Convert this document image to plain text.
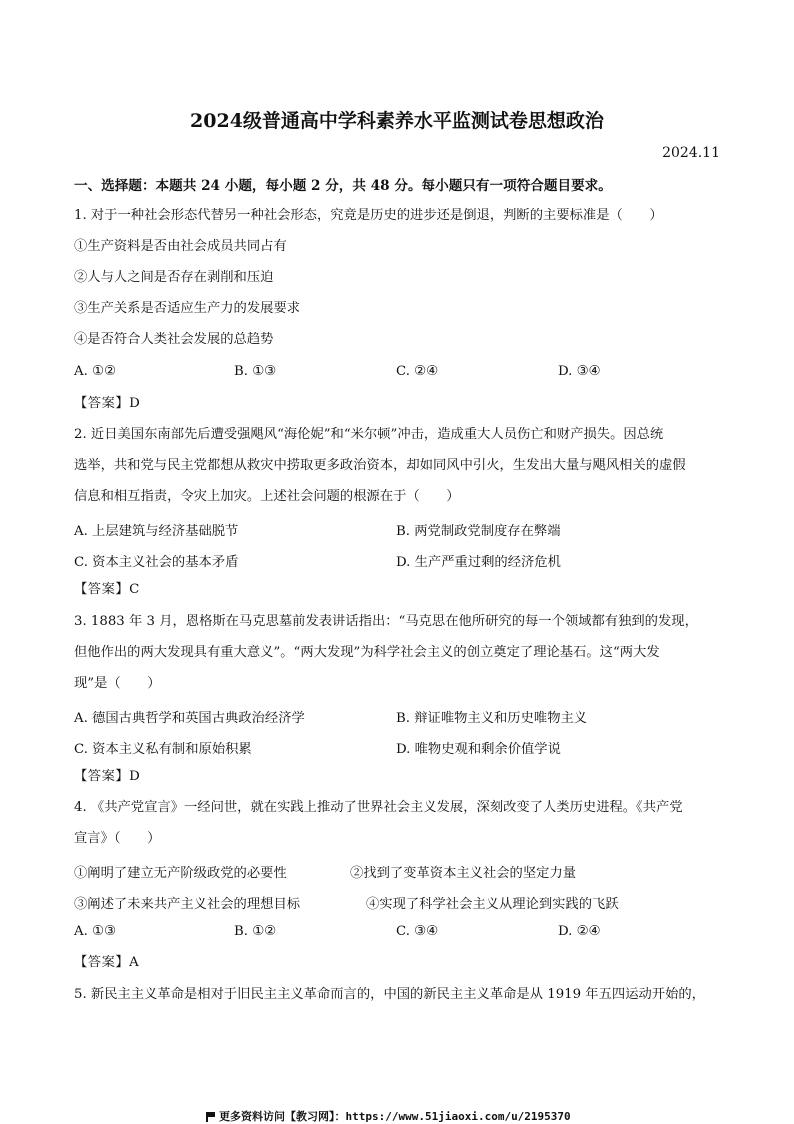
2024级普通高中学科素养水平监测试卷思想政治
2024.11
一、选择题：本题共 24 小题，每小题 2 分，共 48 分。每小题只有一项符合题目要求。
1. 对于一种社会形态代替另一种社会形态，究竟是历史的进步还是倒退，判断的主要标准是（　　）
①生产资料是否由社会成员共同占有
②人与人之间是否存在剥削和压迫
③生产关系是否适应生产力的发展要求
④是否符合人类社会发展的总趋势
A. ①②	B. ①③	C. ②④	D. ③④
【答案】D
2. 近日美国东南部先后遭受强飓风“海伦妮”和“米尔顿”冲击，造成重大人员伤亡和财产损失。因总统
选举，共和党与民主党都想从救灾中捞取更多政治资本，却如同风中引火，生发出大量与飓风相关的虚假
信息和相互指责，令灾上加灾。上述社会问题的根源在于（　　）
A. 上层建筑与经济基础脱节	B. 两党制政党制度存在弊端
C. 资本主义社会的基本矛盾	D. 生产严重过剩的经济危机
【答案】C
3. 1883 年 3 月，恩格斯在马克思墓前发表讲话指出：“马克思在他所研究的每一个领域都有独到的发现，
但他作出的两大发现具有重大意义”。“两大发现”为科学社会主义的创立奠定了理论基石。这“两大发
现”是（　　）
A. 德国古典哲学和英国古典政治经济学	B. 辩证唯物主义和历史唯物主义
C. 资本主义私有制和原始积累	D. 唯物史观和剩余价值学说
【答案】D
4. 《共产党宣言》一经问世，就在实践上推动了世界社会主义发展，深刻改变了人类历史进程。《共产党
宣言》（　　）
①阐明了建立无产阶级政党的必要性	②找到了变革资本主义社会的坚定力量
③阐述了未来共产主义社会的理想目标	④实现了科学社会主义从理论到实践的飞跃
A. ①③	B. ①②	C. ③④	D. ②④
【答案】A
5. 新民主主义革命是相对于旧民主主义革命而言的，中国的新民主主义革命是从 1919 年五四运动开始的，
更多资料访问【教习网】：https://www.51jiaoxi.com/u/2195370
